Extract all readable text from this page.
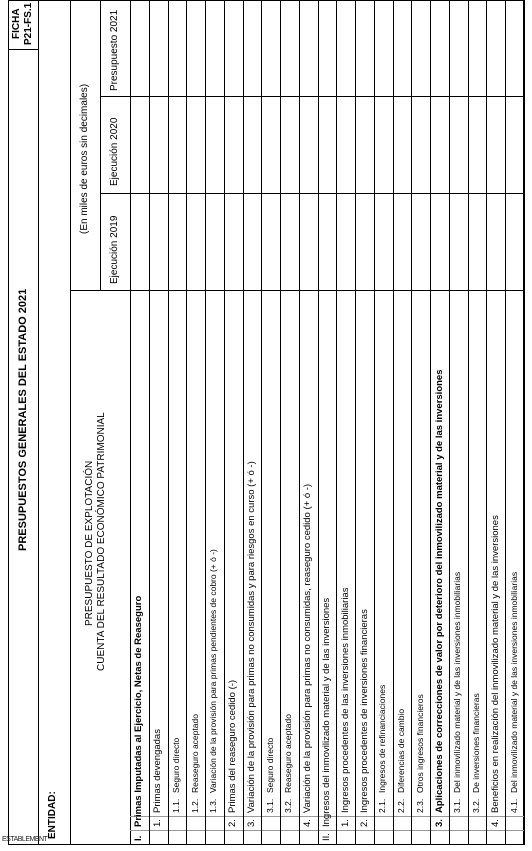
PRESUPUESTOS GENERALES DEL ESTADO 2021
FICHA P21-FS.1
ENTIDAD:
PRESUPUESTO DE EXPLOTACIÓN CUENTA DEL RESULTADO ECONÓMICO PATRIMONIAL
(En miles de euros sin decimales)
Ejecución 2019
Ejecución 2020
Presupuesto 2021
I.
Primas Imputadas al Ejercicio, Netas de Reaseguro 1.
Primas devengadas 1.1.
Seguro directo
1.2.
Reaseguro aceptado
1.3.
Variación de la provisión para primas pendientes de cobro (+ ó -)
2.
Primas del reaseguro cedido (-)
3.
Variación de la provisión para primas no consumidas y para riesgos en curso (+ ó -) 3.1.
Seguro directo
3.2.
Reaseguro aceptado
4.
Variación de la provisión para primas no consumidas, reaseguro cedido (+ ó -)
II.
Ingresos del inmovilizado material y de las inversiones 1.
Ingresos procedentes de las inversiones inmobiliarias
2.
Ingresos procedentes de inversiones financieras 2.1.
Ingresos de refinanciaciones
2.2.
Diferencias de cambio
2.3.
Otros ingresos financieros
3.
Aplicaciones de correcciones de valor por deterioro del inmovilizado material y de las inversiones 3.1.
Del inmovilizado material y de las inversiones inmobiliarias
3.2.
De inversiones financieras
4.
Beneficios en realización del inmovilizado material y de las inversiones 4.1.
Del inmovilizado material y de las inversiones inmobiliarias
ESTABLEMENT
